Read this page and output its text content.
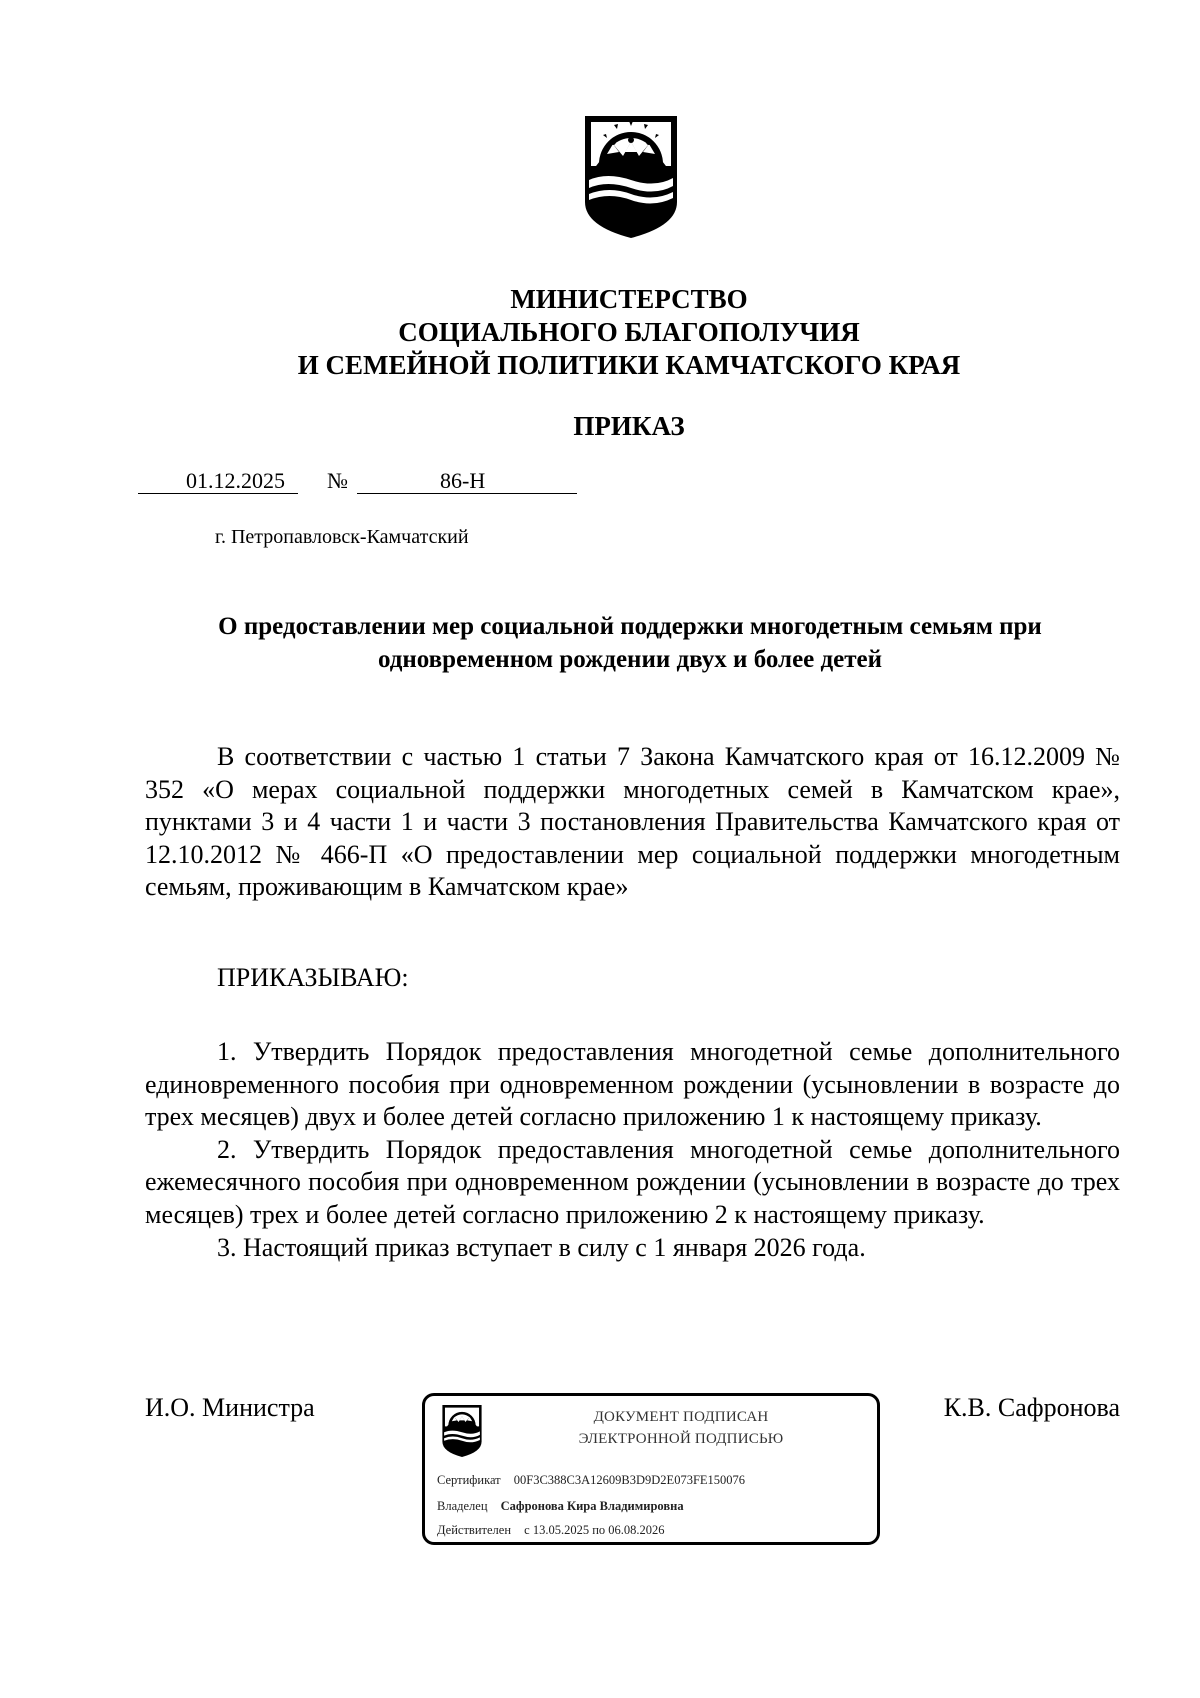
МИНИСТЕРСТВО
СОЦИАЛЬНОГО БЛАГОПОЛУЧИЯ
И СЕМЕЙНОЙ ПОЛИТИКИ КАМЧАТСКОГО КРАЯ
ПРИКАЗ
01.12.2025 №	86-Н
г. Петропавловск-Камчатский
О предоставлении мер социальной поддержки многодетным семьям при одновременном рождении двух и более детей
В соответствии с частью 1 статьи 7 Закона Камчатского края от 16.12.2009 № 352 «О мерах социальной поддержки многодетных семей в Камчатском крае», пунктами 3 и 4 части 1 и части 3 постановления Правительства Камчатского края от 12.10.2012 № 466-П «О предоставлении мер социальной поддержки многодетным семьям, проживающим в Камчатском крае»
ПРИКАЗЫВАЮ:

1. Утвердить Порядок предоставления многодетной семье дополнительного единовременного пособия при одновременном рождении (усыновлении в возрасте до трех месяцев) двух и более детей согласно приложению 1 к настоящему приказу.

2. Утвердить Порядок предоставления многодетной семье дополнительного ежемесячного пособия при одновременном рождении (усыновлении в возрасте до трех месяцев) трех и более детей согласно приложению 2 к настоящему приказу.

3. Настоящий приказ вступает в силу с 1 января 2026 года.

И.О. Министра	К.В. Сафронова
ДОКУМЕНТ ПОДПИСАН
ЭЛЕКТРОННОЙ ПОДПИСЬЮ
Сертификат 00F3C388C3A12609B3D9D2E073FE150076
Владелец Сафронова Кира Владимировна
Действителен с 13.05.2025 по 06.08.2026
